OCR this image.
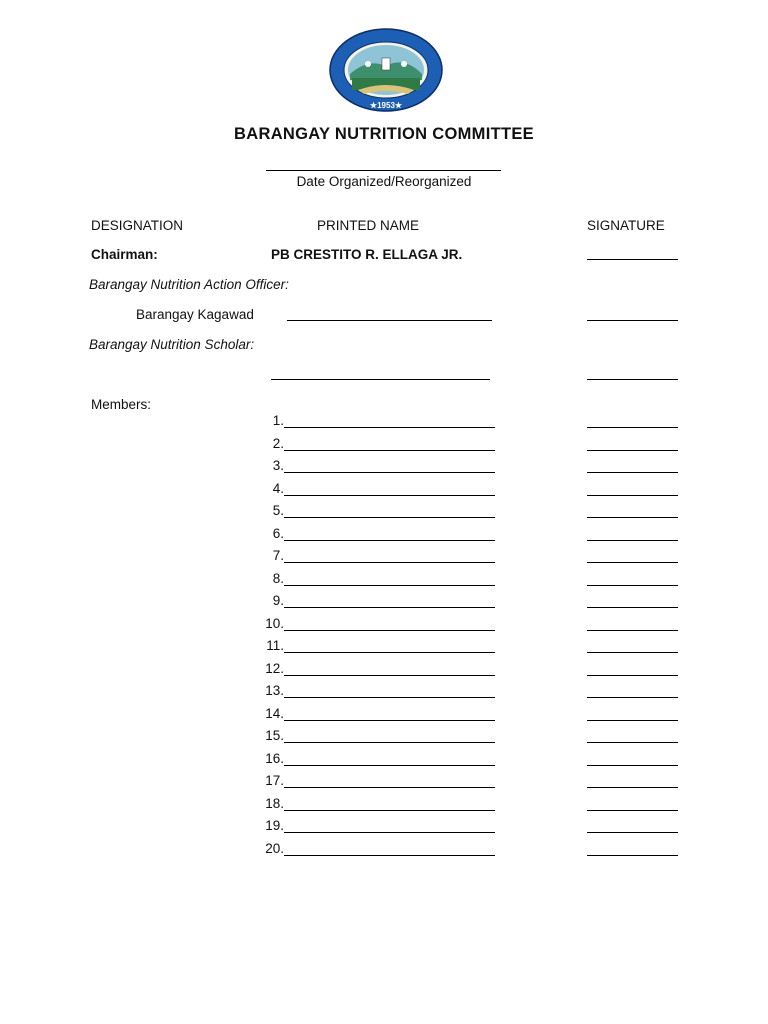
★1953★
BARANGAY NUTRITION COMMITTEE
Date Organized/Reorganized
DESIGNATION	PRINTED NAME	SIGNATURE
Chairman:	PB CRESTITO R. ELLAGA JR.
Barangay Nutrition Action Officer:
Barangay Kagawad
Barangay Nutrition Scholar:
Members:
1.
2.
3.
4.
5.
6.
7.
8.
9.
10.
11.
12.
13.
14.
15.
16.
17.
18.
19.
20.
